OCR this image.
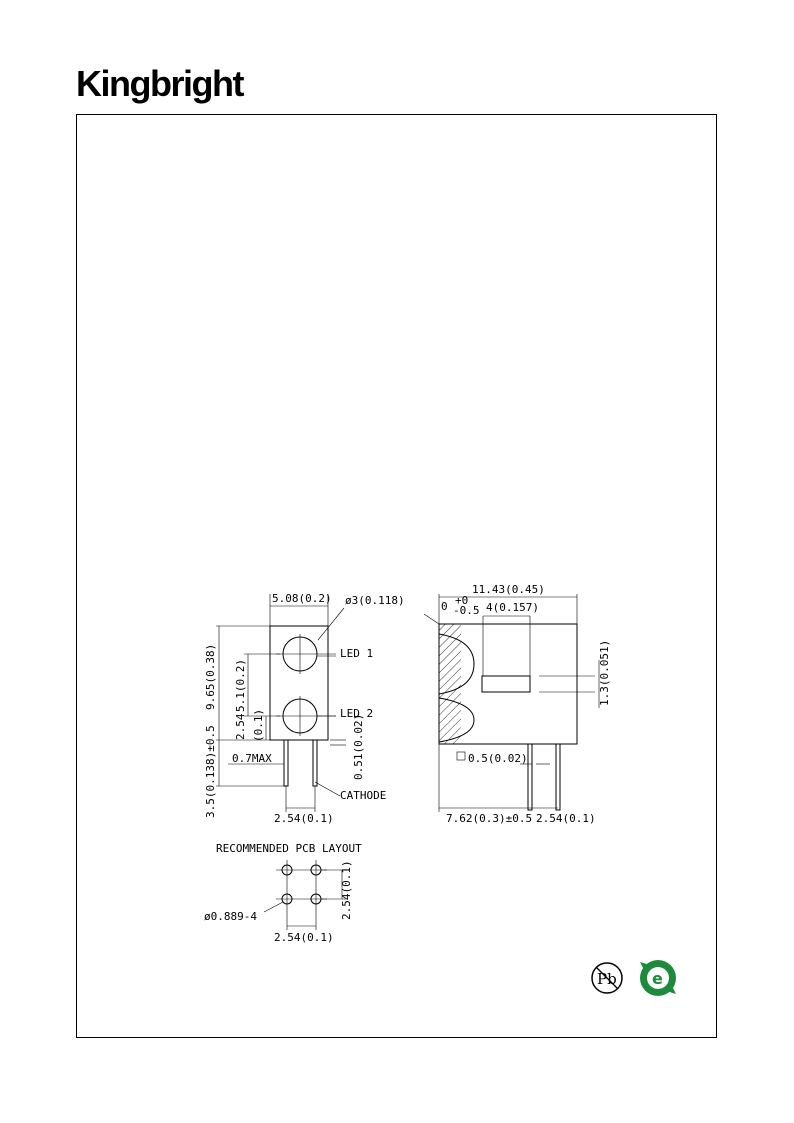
Kingbright
5.08(0.2) ø3(0.118)
LED 1
LED 2
9.65(0.38) 5.1(0.2)
2.54 (0.1)
3.5(0.138)±0.5 0.7MAX	0.51(0.02)
CATHODE
2.54(0.1)
11.43(0.45)
0 +0
-0.5 4(0.157)
1.3(0.051)
0.5(0.02)
7.62(0.3)±0.5 2.54(0.1)
RECOMMENDED PCB LAYOUT
2.54(0.1)
2.54(0.1)
ø0.889-4
Pb e
